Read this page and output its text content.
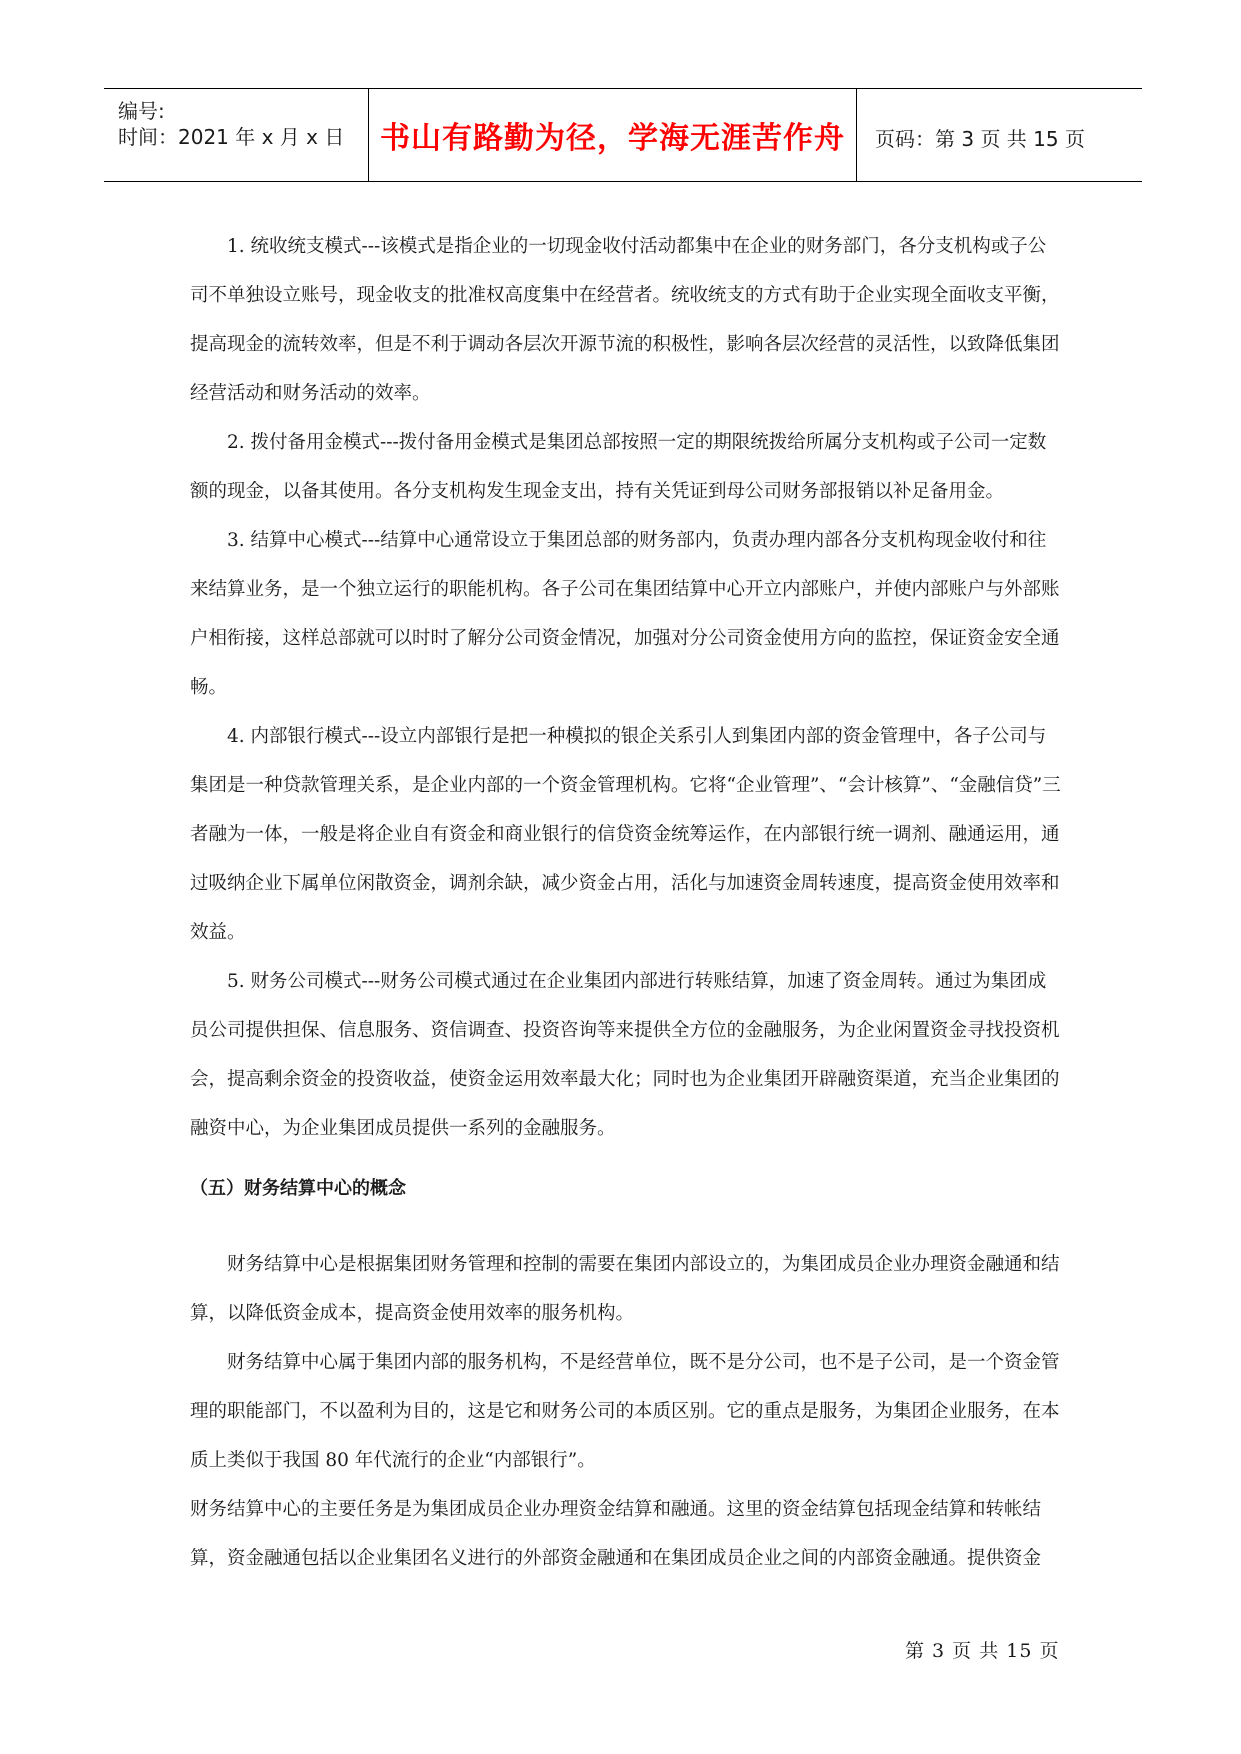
编号:
时间：2021 年 x 月 x 日	书山有路勤为径，学海无涯苦作舟	页码：第 3 页 共 15 页

1. 统收统支模式---该模式是指企业的一切现金收付活动都集中在企业的财务部门，各分支机构或子公司不单独设立账号，现金收支的批准权高度集中在经营者。统收统支的方式有助于企业实现全面收支平衡，提高现金的流转效率，但是不利于调动各层次开源节流的积极性，影响各层次经营的灵活性，以致降低集团经营活动和财务活动的效率。

2. 拨付备用金模式---拨付备用金模式是集团总部按照一定的期限统拨给所属分支机构或子公司一定数额的现金，以备其使用。各分支机构发生现金支出，持有关凭证到母公司财务部报销以补足备用金。

3. 结算中心模式---结算中心通常设立于集团总部的财务部内，负责办理内部各分支机构现金收付和往来结算业务，是一个独立运行的职能机构。各子公司在集团结算中心开立内部账户，并使内部账户与外部账户相衔接，这样总部就可以时时了解分公司资金情况，加强对分公司资金使用方向的监控，保证资金安全通畅。

4. 内部银行模式---设立内部银行是把一种模拟的银企关系引人到集团内部的资金管理中，各子公司与集团是一种贷款管理关系，是企业内部的一个资金管理机构。它将“企业管理”、“会计核算”、“金融信贷”三者融为一体，一般是将企业自有资金和商业银行的信贷资金统筹运作，在内部银行统一调剂、融通运用，通过吸纳企业下属单位闲散资金，调剂余缺，减少资金占用，活化与加速资金周转速度，提高资金使用效率和效益。

5. 财务公司模式---财务公司模式通过在企业集团内部进行转账结算，加速了资金周转。通过为集团成员公司提供担保、信息服务、资信调查、投资咨询等来提供全方位的金融服务，为企业闲置资金寻找投资机会，提高剩余资金的投资收益，使资金运用效率最大化；同时也为企业集团开辟融资渠道，充当企业集团的融资中心，为企业集团成员提供一系列的金融服务。

（五）财务结算中心的概念

财务结算中心是根据集团财务管理和控制的需要在集团内部设立的，为集团成员企业办理资金融通和结算，以降低资金成本，提高资金使用效率的服务机构。

财务结算中心属于集团内部的服务机构，不是经营单位，既不是分公司，也不是子公司，是一个资金管理的职能部门，不以盈利为目的，这是它和财务公司的本质区别。它的重点是服务，为集团企业服务，在本质上类似于我国 80 年代流行的企业“内部银行”。

财务结算中心的主要任务是为集团成员企业办理资金结算和融通。这里的资金结算包括现金结算和转帐结算，资金融通包括以企业集团名义进行的外部资金融通和在集团成员企业之间的内部资金融通。提供资金

第 3 页 共 15 页
